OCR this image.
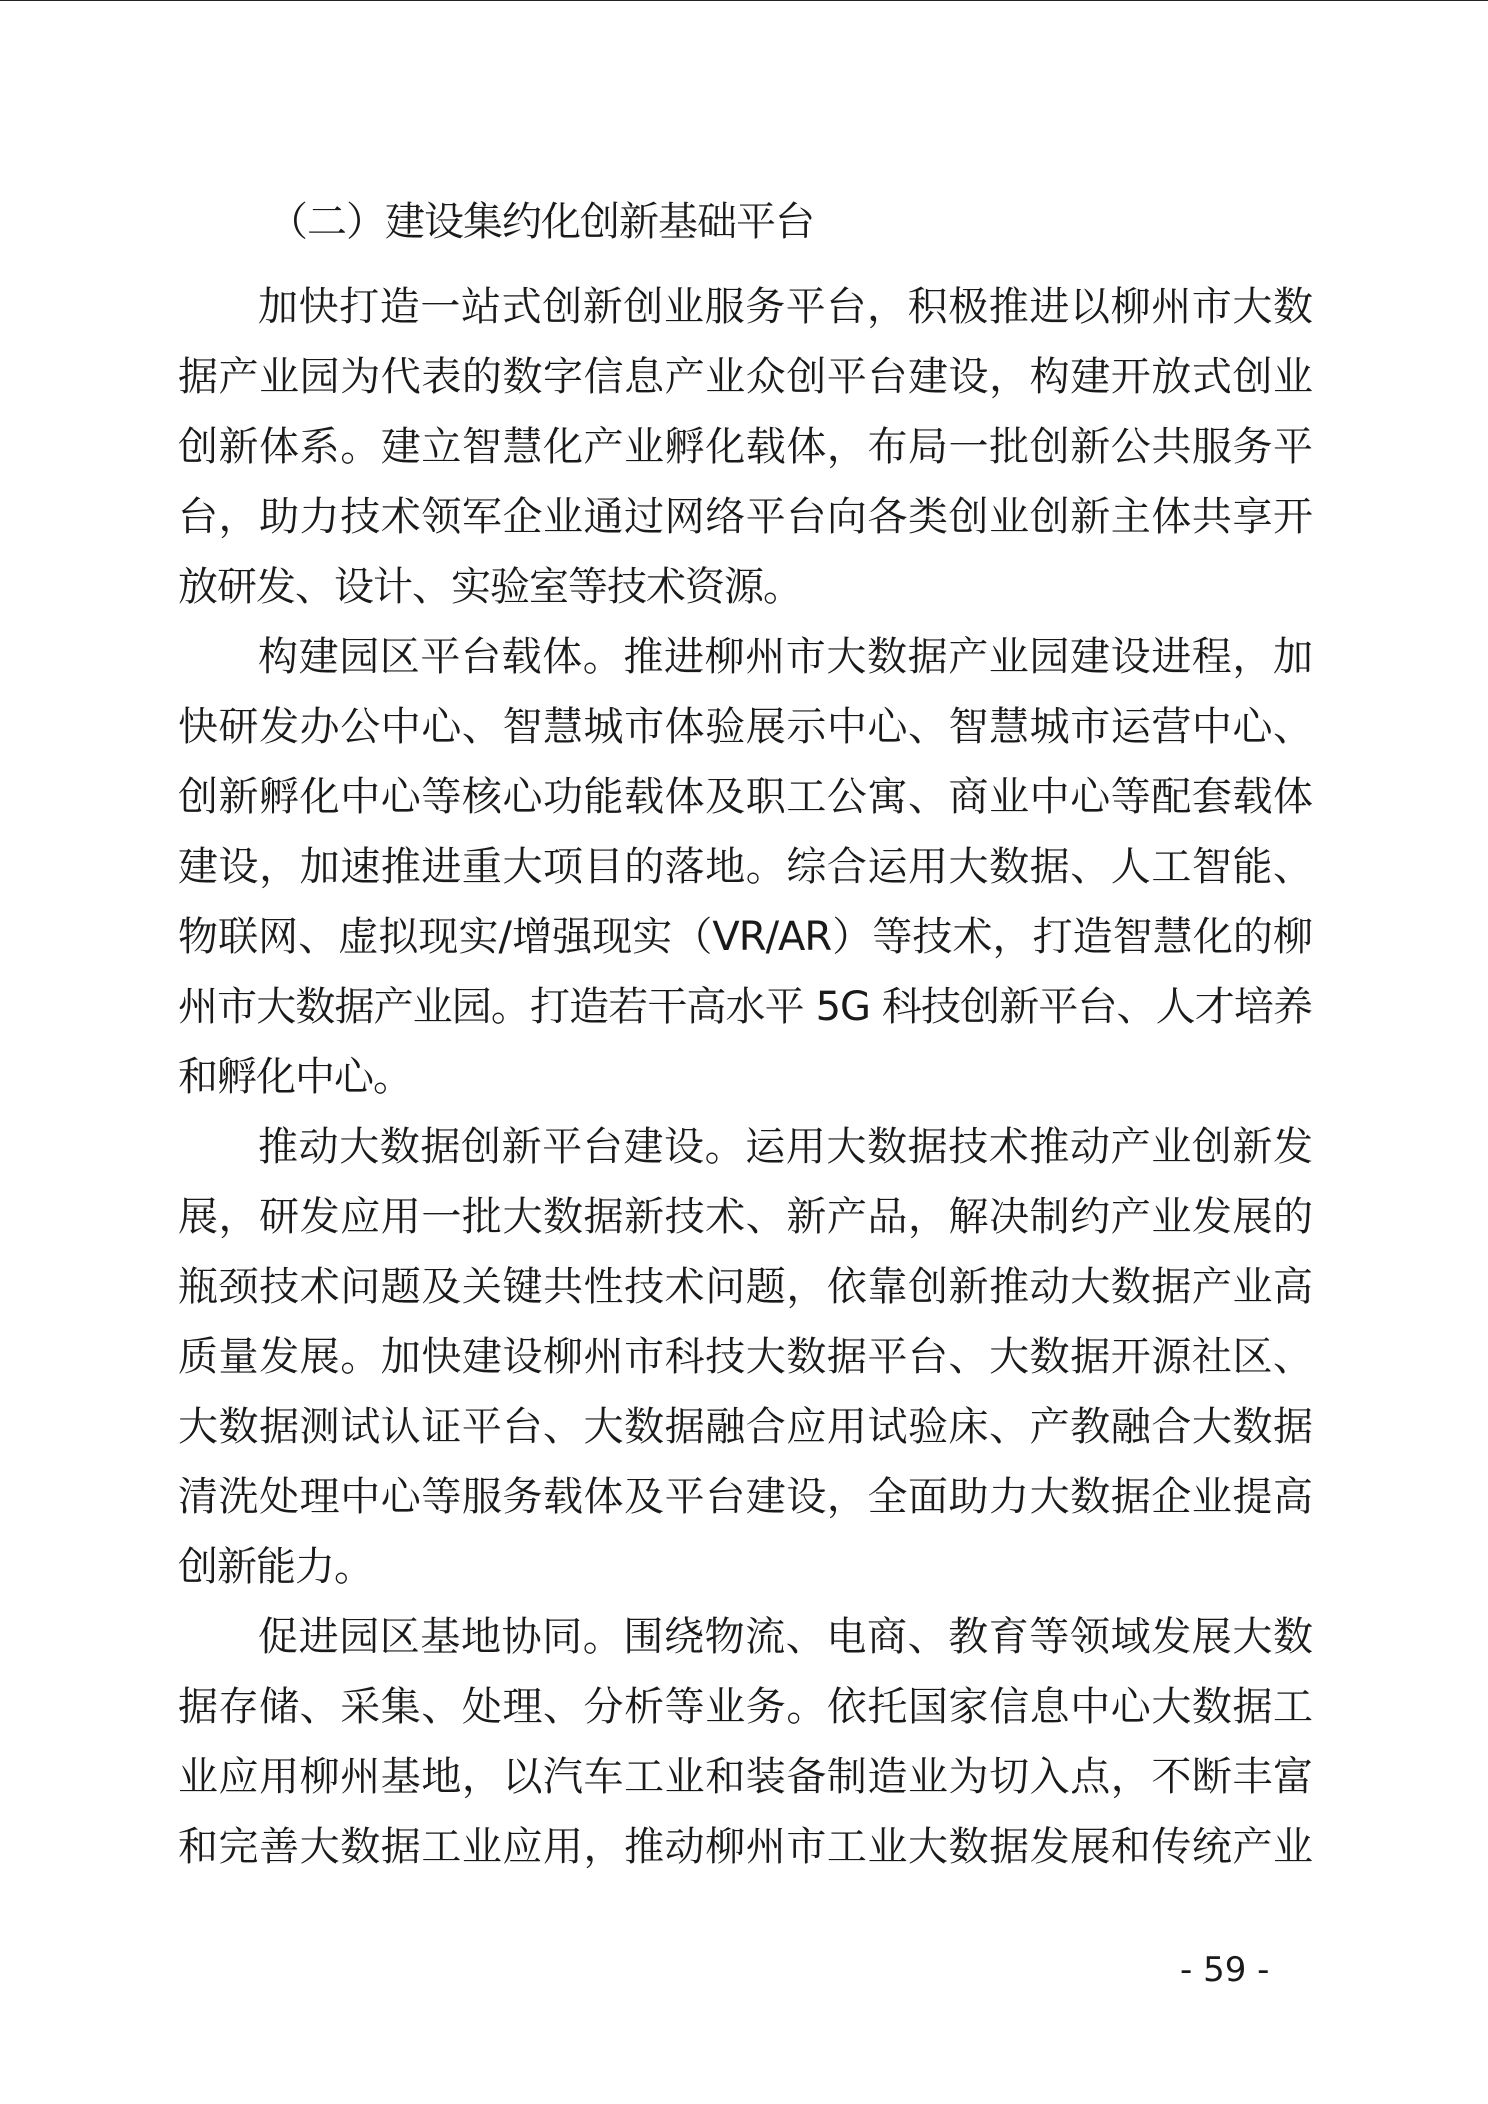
（二）建设集约化创新基础平台
加快打造一站式创新创业服务平台，积极推进以柳州市大数
据产业园为代表的数字信息产业众创平台建设，构建开放式创业
创新体系。建立智慧化产业孵化载体，布局一批创新公共服务平
台，助力技术领军企业通过网络平台向各类创业创新主体共享开
放研发、设计、实验室等技术资源。
构建园区平台载体。推进柳州市大数据产业园建设进程，加
快研发办公中心、智慧城市体验展示中心、智慧城市运营中心、
创新孵化中心等核心功能载体及职工公寓、商业中心等配套载体
建设，加速推进重大项目的落地。综合运用大数据、人工智能、
物联网、虚拟现实/增强现实（VR/AR）等技术，打造智慧化的柳
州市大数据产业园。打造若干高水平 5G 科技创新平台、人才培养
和孵化中心。
推动大数据创新平台建设。运用大数据技术推动产业创新发
展，研发应用一批大数据新技术、新产品，解决制约产业发展的
瓶颈技术问题及关键共性技术问题，依靠创新推动大数据产业高
质量发展。加快建设柳州市科技大数据平台、大数据开源社区、
大数据测试认证平台、大数据融合应用试验床、产教融合大数据
清洗处理中心等服务载体及平台建设，全面助力大数据企业提高
创新能力。
促进园区基地协同。围绕物流、电商、教育等领域发展大数
据存储、采集、处理、分析等业务。依托国家信息中心大数据工
业应用柳州基地，以汽车工业和装备制造业为切入点，不断丰富
和完善大数据工业应用，推动柳州市工业大数据发展和传统产业
- 59 -
